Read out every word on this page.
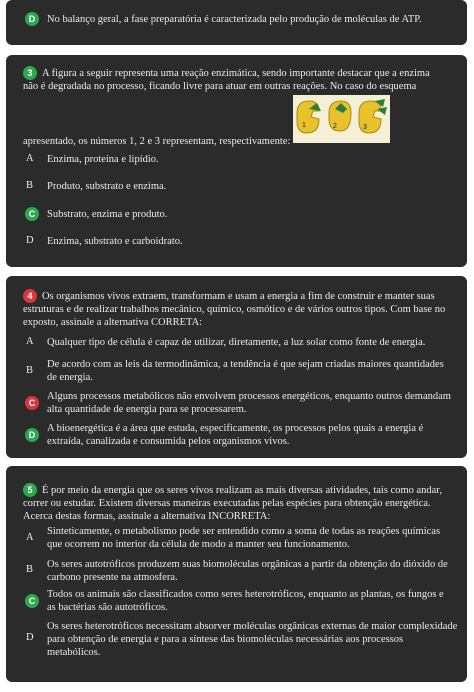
D	No balanço geral, a fase preparatória é caracterizada pelo produção de moléculas de ATP.
3 A figura a seguir representa uma reação enzimática, sendo importante destacar que a enzima
não é degradada no processo, ficando livre para atuar em outras reações. No caso do esquema
1	2	3
apresentado, os números 1, 2 e 3 representam, respectivamente:
A Enzima, proteína e lipídio.
B Produto, substrato e enzima.
C	Substrato, enzima e produto.
D Enzima, substrato e carboidrato.
4 Os organismos vivos extraem, transformam e usam a energia a fim de construir e manter suas
estruturas e de realizar trabalhos mecânico, químico, osmótico e de vários outros tipos. Com base no
exposto, assinale a alternativa CORRETA:
A Qualquer tipo de célula é capaz de utilizar, diretamente, a luz solar como fonte de energia.
B
De acordo com as leis da termodinâmica, a tendência é que sejam criadas maiores quantidades
de energia.
C
Alguns processos metabólicos não envolvem processos energéticos, enquanto outros demandam
alta quantidade de energia para se processarem.
D
A bioenergética é a área que estuda, especificamente, os processos pelos quais a energia é
extraída, canalizada e consumida pelos organismos vivos.
5 É por meio da energia que os seres vivos realizam as mais diversas atividades, tais como andar,
correr ou estudar. Existem diversas maneiras executadas pelas espécies para obtenção energética.
Acerca destas formas, assinale a alternativa INCORRETA:
A
Sinteticamente, o metabolismo pode ser entendido como a soma de todas as reações químicas
que ocorrem no interior da célula de modo a manter seu funcionamento.
B Os seres autotróficos produzem suas biomoléculas orgânicas a partir da obtenção do dióxido de
carbono presente na atmosfera.
C
Todos os animais são classificados como seres heterotróficos, enquanto as plantas, os fungos e
as bactérias são autotróficos.
D
Os seres heterotróficos necessitam absorver moléculas orgânicas externas de maior complexidade
para obtenção de energia e para a síntese das biomoléculas necessárias aos processos
metabólicos.
